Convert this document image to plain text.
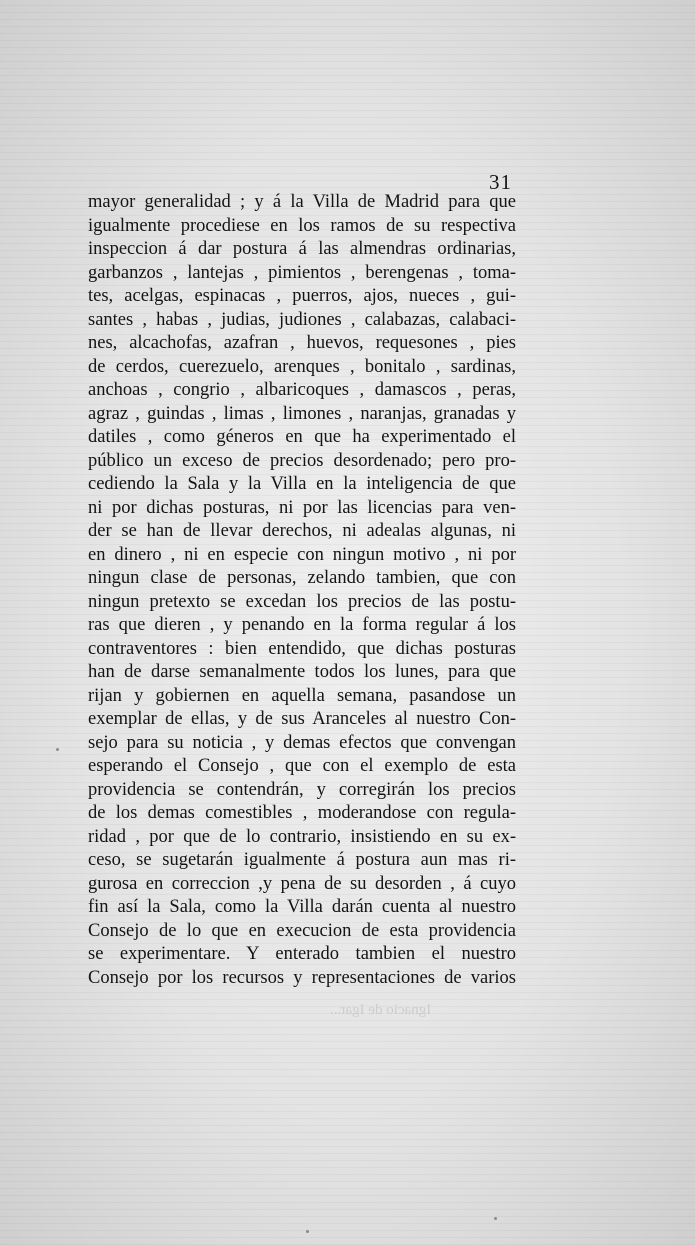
31
mayor generalidad ; y á la Villa de Madrid para que
igualmente procediese en los ramos de su respectiva
inspeccion á dar postura á las almendras ordinarias,
garbanzos , lantejas , pimientos , berengenas , toma-
tes, acelgas, espinacas , puerros, ajos, nueces , gui-
santes , habas , judias, judiones , calabazas, calabaci-
nes, alcachofas, azafran , huevos, requesones , pies
de cerdos, cuerezuelo, arenques , bonitalo , sardinas,
anchoas , congrio , albaricoques , damascos , peras,
agraz , guindas , limas , limones , naranjas, granadas y
datiles , como géneros en que ha experimentado el
público un exceso de precios desordenado; pero pro-
cediendo la Sala y la Villa en la inteligencia de que
ni por dichas posturas, ni por las licencias para ven-
der se han de llevar derechos, ni adealas algunas, ni
en dinero , ni en especie con ningun motivo , ni por
ningun clase de personas, zelando tambien, que con
ningun pretexto se excedan los precios de las postu-
ras que dieren , y penando en la forma regular á los
contraventores : bien entendido, que dichas posturas
han de darse semanalmente todos los lunes, para que
rijan y gobiernen en aquella semana, pasandose un
exemplar de ellas, y de sus Aranceles al nuestro Con-
sejo para su noticia , y demas efectos que convengan
esperando el Consejo , que con el exemplo de esta
providencia se contendrán, y corregirán los precios
de los demas comestibles , moderandose con regula-
ridad , por que de lo contrario, insistiendo en su ex-
ceso, se sugetarán igualmente á postura aun mas ri-
gurosa en correccion ,y pena de su desorden , á cuyo
fin así la Sala, como la Villa darán cuenta al nuestro
Consejo de lo que en execucion de esta providencia
se experimentare. Y enterado tambien el nuestro
Consejo por los recursos y representaciones de varios
Ignacio de Igar...
